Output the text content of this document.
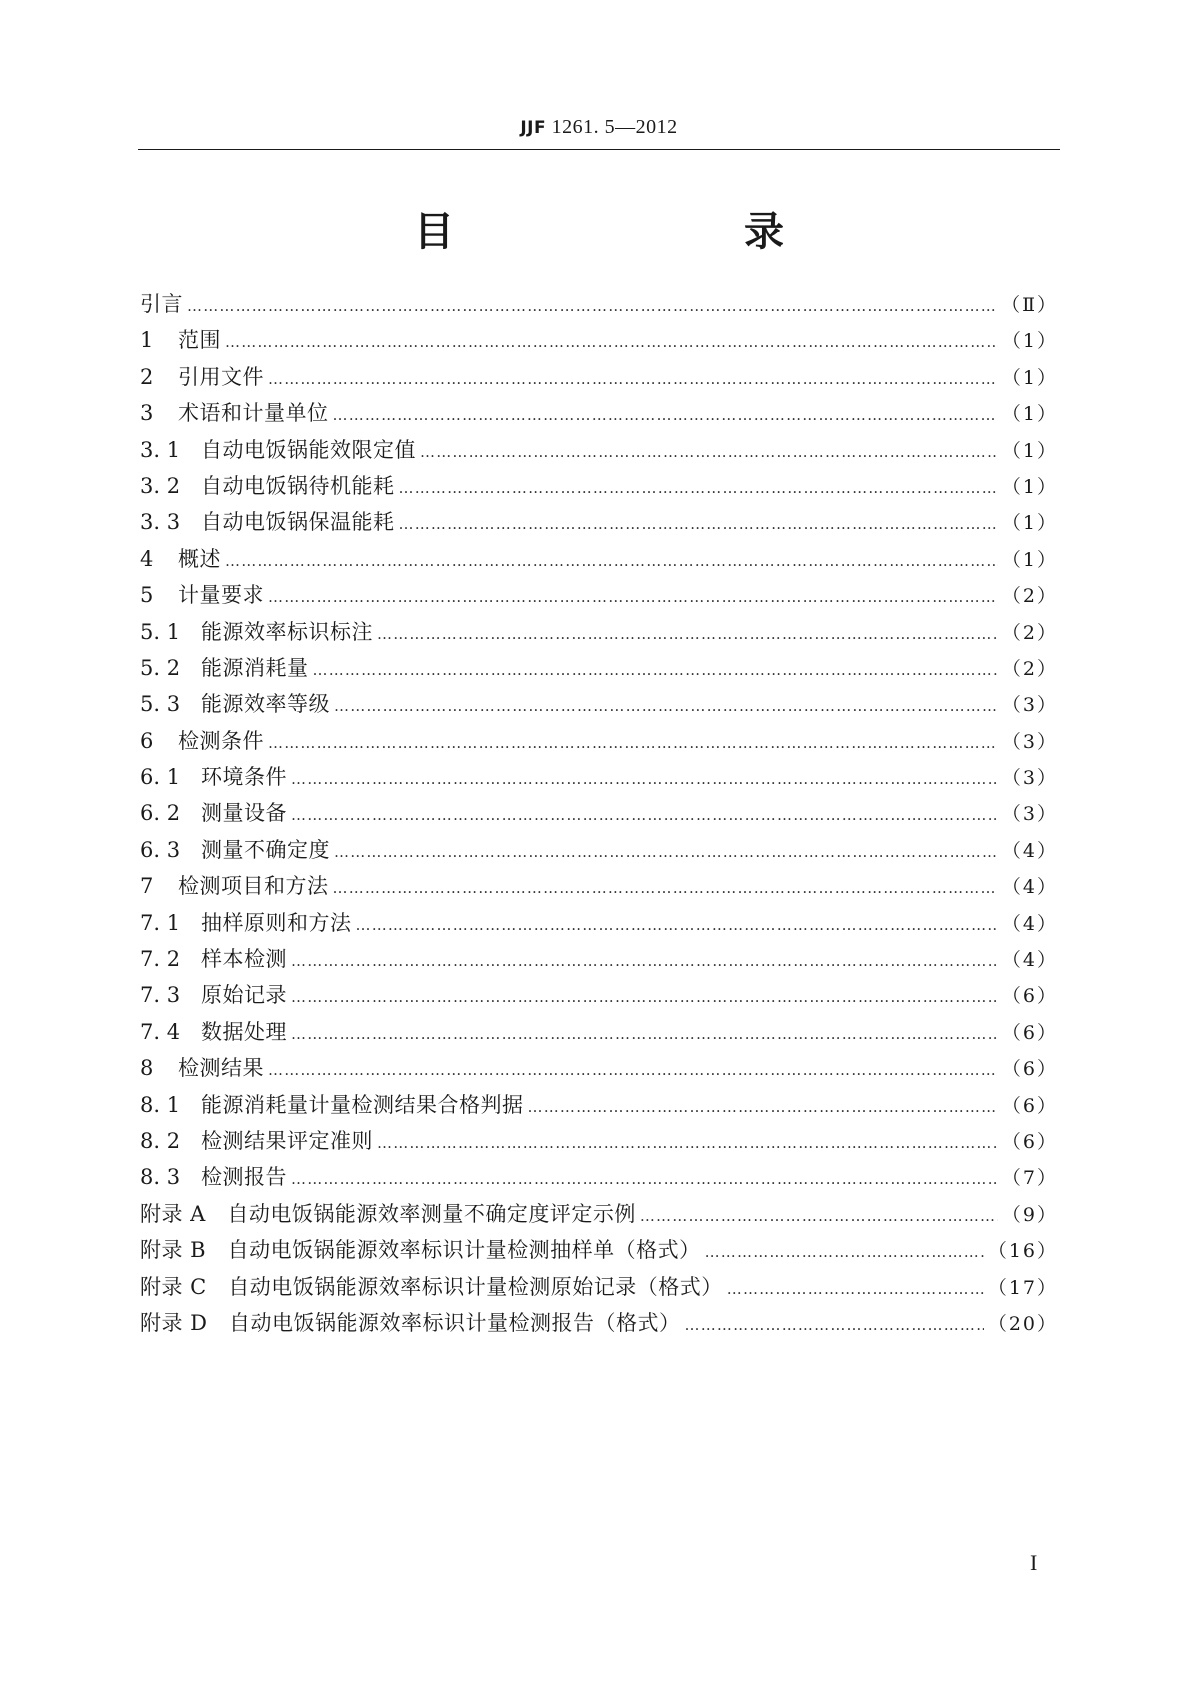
JJF 1261. 5—2012
目　　录
引言 ………………………………………………………………………………………………………………………………………………………………………………………………	（Ⅱ）
1	范围 ………………………………………………………………………………………………………………………………………………………………………………………………	（1）
2	引用文件 ………………………………………………………………………………………………………………………………………………………………………………………………	（1）
3	术语和计量单位 ………………………………………………………………………………………………………………………………………………………………………………………………	（1）
3. 1 自动电饭锅能效限定值 ………………………………………………………………………………………………………………………………………………………………………………………………	（1）
3. 2 自动电饭锅待机能耗 ………………………………………………………………………………………………………………………………………………………………………………………………	（1）
3. 3 自动电饭锅保温能耗 ………………………………………………………………………………………………………………………………………………………………………………………………	（1）
4	概述 ………………………………………………………………………………………………………………………………………………………………………………………………	（1）
5	计量要求 ………………………………………………………………………………………………………………………………………………………………………………………………	（2）
5. 1 能源效率标识标注 ………………………………………………………………………………………………………………………………………………………………………………………………	（2）
5. 2 能源消耗量 ………………………………………………………………………………………………………………………………………………………………………………………………	（2）
5. 3 能源效率等级 ………………………………………………………………………………………………………………………………………………………………………………………………	（3）
6	检测条件 ………………………………………………………………………………………………………………………………………………………………………………………………	（3）
6. 1 环境条件 ………………………………………………………………………………………………………………………………………………………………………………………………	（3）
6. 2 测量设备 ………………………………………………………………………………………………………………………………………………………………………………………………	（3）
6. 3 测量不确定度 ………………………………………………………………………………………………………………………………………………………………………………………………	（4）
7	检测项目和方法 ………………………………………………………………………………………………………………………………………………………………………………………………	（4）
7. 1 抽样原则和方法 ………………………………………………………………………………………………………………………………………………………………………………………………	（4）
7. 2 样本检测 ………………………………………………………………………………………………………………………………………………………………………………………………	（4）
7. 3 原始记录 ………………………………………………………………………………………………………………………………………………………………………………………………	（6）
7. 4 数据处理 ………………………………………………………………………………………………………………………………………………………………………………………………	（6）
8	检测结果 ………………………………………………………………………………………………………………………………………………………………………………………………	（6）
8. 1 能源消耗量计量检测结果合格判据 ………………………………………………………………………………………………………………………………………………………………………………………………	（6）
8. 2 检测结果评定准则 ………………………………………………………………………………………………………………………………………………………………………………………………	（6）
8. 3 检测报告 ………………………………………………………………………………………………………………………………………………………………………………………………	（7）
附录 A　自动电饭锅能源效率测量不确定度评定示例 ………………………………………………………………………………………………………………………………………………………………………………………………	（9）
附录 B　自动电饭锅能源效率标识计量检测抽样单（格式） ………………………………………………………………………………………………………………………………………………………………………………………………	（16）
附录 C　自动电饭锅能源效率标识计量检测原始记录（格式） ………………………………………………………………………………………………………………………………………………………………………………………………	（17）
附录 D　自动电饭锅能源效率标识计量检测报告（格式） ………………………………………………………………………………………………………………………………………………………………………………………………	（20）
I
